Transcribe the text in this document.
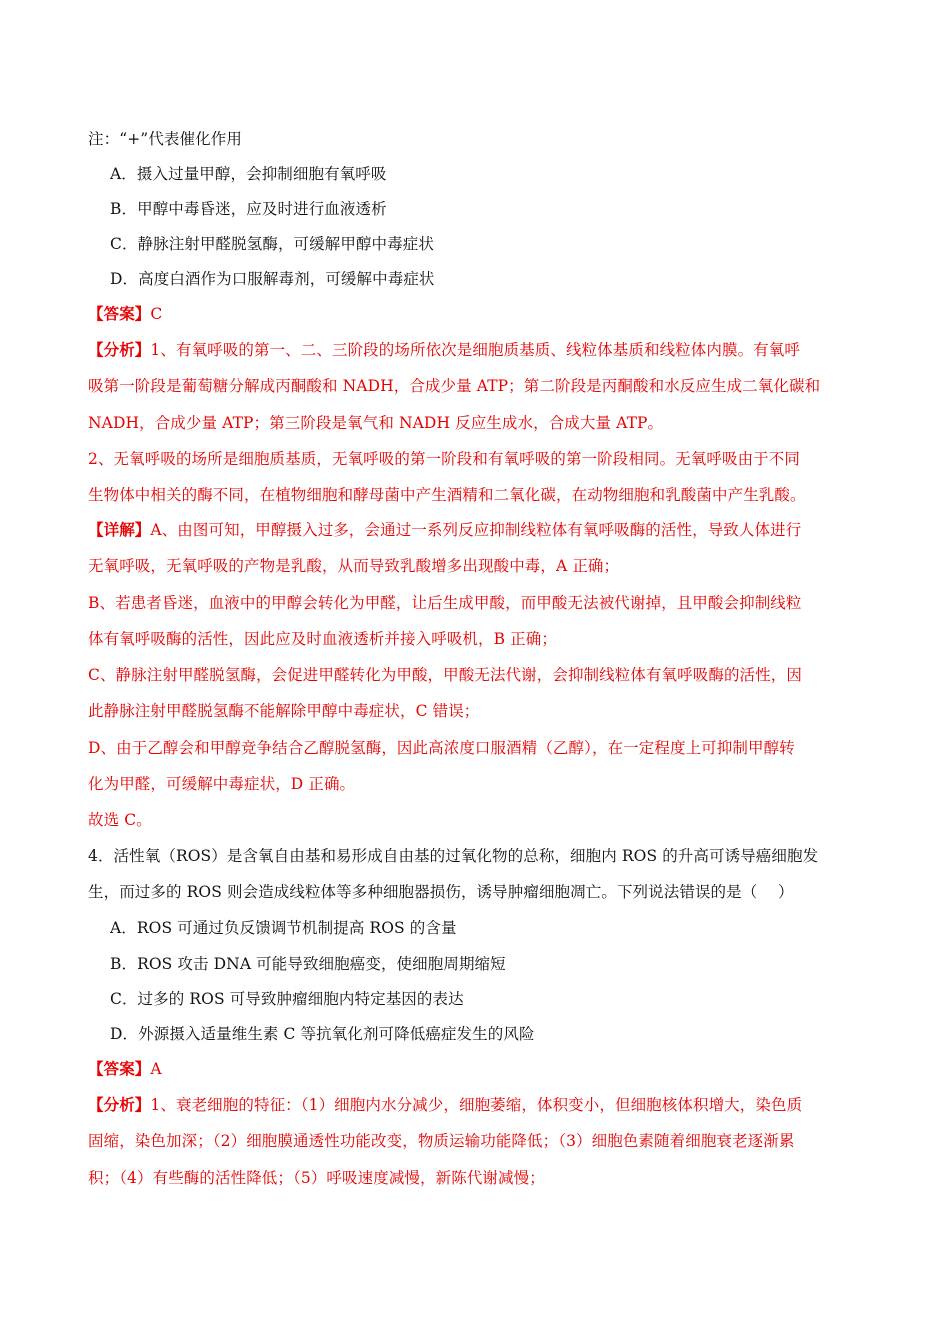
注：“+”代表催化作用
A．摄入过量甲醇，会抑制细胞有氧呼吸
B．甲醇中毒昏迷，应及时进行血液透析
C．静脉注射甲醛脱氢酶，可缓解甲醇中毒症状
D．高度白酒作为口服解毒剂，可缓解中毒症状
【答案】C
【分析】1、有氧呼吸的第一、二、三阶段的场所依次是细胞质基质、线粒体基质和线粒体内膜。有氧呼
吸第一阶段是葡萄糖分解成丙酮酸和 NADH，合成少量 ATP；第二阶段是丙酮酸和水反应生成二氧化碳和
NADH，合成少量 ATP；第三阶段是氧气和 NADH 反应生成水，合成大量 ATP。
2、无氧呼吸的场所是细胞质基质，无氧呼吸的第一阶段和有氧呼吸的第一阶段相同。无氧呼吸由于不同
生物体中相关的酶不同，在植物细胞和酵母菌中产生酒精和二氧化碳，在动物细胞和乳酸菌中产生乳酸。
【详解】A、由图可知，甲醇摄入过多，会通过一系列反应抑制线粒体有氧呼吸酶的活性，导致人体进行
无氧呼吸，无氧呼吸的产物是乳酸，从而导致乳酸增多出现酸中毒，A 正确；
B、若患者昏迷，血液中的甲醇会转化为甲醛，让后生成甲酸，而甲酸无法被代谢掉，且甲酸会抑制线粒
体有氧呼吸酶的活性，因此应及时血液透析并接入呼吸机，B 正确；
C、静脉注射甲醛脱氢酶，会促进甲醛转化为甲酸，甲酸无法代谢，会抑制线粒体有氧呼吸酶的活性，因
此静脉注射甲醛脱氢酶不能解除甲醇中毒症状，C 错误；
D、由于乙醇会和甲醇竞争结合乙醇脱氢酶，因此高浓度口服酒精（乙醇），在一定程度上可抑制甲醇转
化为甲醛，可缓解中毒症状，D 正确。
故选 C。
4．活性氧（ROS）是含氧自由基和易形成自由基的过氧化物的总称，细胞内 ROS 的升高可诱导癌细胞发
生，而过多的 ROS 则会造成线粒体等多种细胞器损伤，诱导肿瘤细胞凋亡。下列说法错误的是（　 ）
A．ROS 可通过负反馈调节机制提高 ROS 的含量
B．ROS 攻击 DNA 可能导致细胞癌变，使细胞周期缩短
C．过多的 ROS 可导致肿瘤细胞内特定基因的表达
D．外源摄入适量维生素 C 等抗氧化剂可降低癌症发生的风险
【答案】A
【分析】1、衰老细胞的特征：（1）细胞内水分减少，细胞萎缩，体积变小，但细胞核体积增大，染色质
固缩，染色加深；（2）细胞膜通透性功能改变，物质运输功能降低；（3）细胞色素随着细胞衰老逐渐累
积；（4）有些酶的活性降低；（5）呼吸速度减慢，新陈代谢减慢；
